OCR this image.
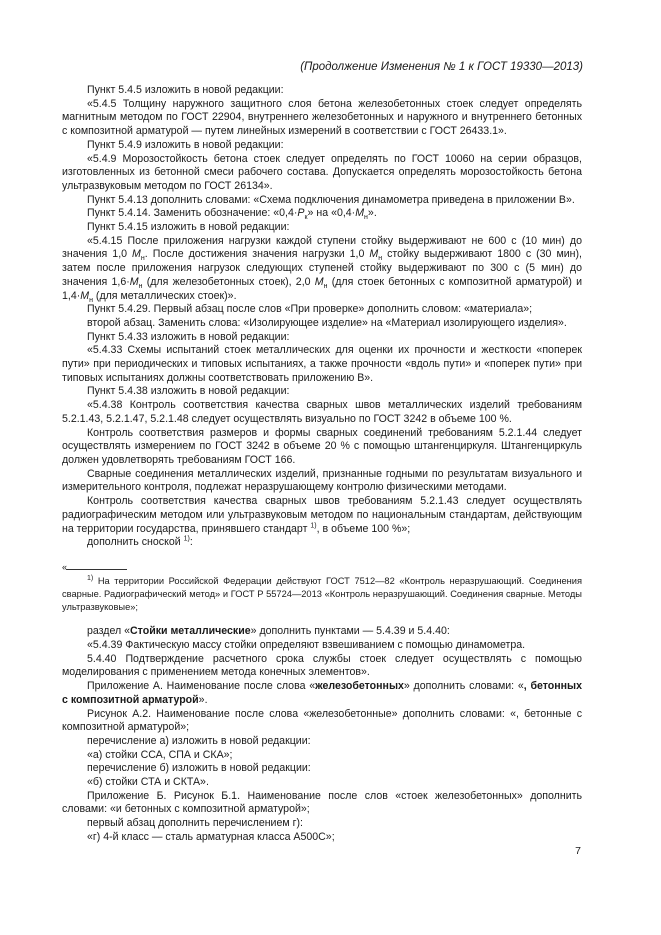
(Продолжение Изменения № 1 к ГОСТ 19330—2013)

Пункт 5.4.5 изложить в новой редакции:

«5.4.5 Толщину наружного защитного слоя бетона железобетонных стоек следует определять магнитным методом по ГОСТ 22904, внутреннего железобетонных и наружного и внутреннего бетонных с композитной арматурой — путем линейных измерений в соответствии с ГОСТ 26433.1».

Пункт 5.4.9 изложить в новой редакции:

«5.4.9 Морозостойкость бетона стоек следует определять по ГОСТ 10060 на серии образцов, изготовленных из бетонной смеси рабочего состава. Допускается определять морозостойкость бетона ультразвуковым методом по ГОСТ 26134».

Пункт 5.4.13 дополнить словами: «Схема подключения динамометра приведена в приложении В».

Пункт 5.4.14. Заменить обозначение: «$0,4\cdot P_к$» на «$0,4\cdot M_н$».

Пункт 5.4.15 изложить в новой редакции:

«5.4.15 После приложения нагрузки каждой ступени стойку выдерживают не 600 с (10 мин) до значения 1,0 $M_н$. После достижения значения нагрузки 1,0 $M_н$ стойку выдерживают 1800 с (30 мин), затем после приложения нагрузок следующих ступеней стойку выдерживают по 300 с (5 мин) до значения $1,6\cdot M_н$ (для железобетонных стоек), 2,0 $M_н$ (для стоек бетонных с композитной арматурой) и $1,4\cdot M_н$ (для металлических стоек)».

Пункт 5.4.29. Первый абзац после слов «При проверке» дополнить словом: «материала»;

второй абзац. Заменить слова: «Изолирующее изделие» на «Материал изолирующего изделия».

Пункт 5.4.33 изложить в новой редакции:

«5.4.33 Схемы испытаний стоек металлических для оценки их прочности и жесткости «поперек пути» при периодических и типовых испытаниях, а также прочности «вдоль пути» и «поперек пути» при типовых испытаниях должны соответствовать приложению В».

Пункт 5.4.38 изложить в новой редакции:

«5.4.38 Контроль соответствия качества сварных швов металлических изделий требованиям 5.2.1.43, 5.2.1.47, 5.2.1.48 следует осуществлять визуально по ГОСТ 3242 в объеме 100 %.

Контроль соответствия размеров и формы сварных соединений требованиям 5.2.1.44 следует осуществлять измерением по ГОСТ 3242 в объеме 20 % с помощью штангенциркуля. Штангенциркуль должен удовлетворять требованиям ГОСТ 166.

Сварные соединения металлических изделий, признанные годными по результатам визуального и измерительного контроля, подлежат неразрушающему контролю физическими методами.

Контроль соответствия качества сварных швов требованиям 5.2.1.43 следует осуществлять радиографическим методом или ультразвуковым методом по национальным стандартам, действующим на территории государства, принявшего стандарт $^{1)}$, в объеме 100 %»;

дополнить сноской $^{1)}$:

«

$^{1)}$ На территории Российской Федерации действуют ГОСТ 7512—82 «Контроль неразрушающий. Соединения сварные. Радиографический метод» и ГОСТ Р 55724—2013 «Контроль неразрушающий. Соединения сварные. Методы ультразвуковые»;

раздел «Стойки металлические» дополнить пунктами — 5.4.39 и 5.4.40:

«5.4.39 Фактическую массу стойки определяют взвешиванием с помощью динамометра.

5.4.40 Подтверждение расчетного срока службы стоек следует осуществлять с помощью моделирования с применением метода конечных элементов».

Приложение А. Наименование после слова «железобетонных» дополнить словами: «, бетонных с композитной арматурой».

Рисунок А.2. Наименование после слова «железобетонные» дополнить словами: «, бетонные с композитной арматурой»;

перечисление а) изложить в новой редакции:

«а) стойки ССА, СПА и СКА»;

перечисление б) изложить в новой редакции:

«б) стойки СТА и СКТА».

Приложение Б. Рисунок Б.1. Наименование после слов «стоек железобетонных» дополнить словами: «и бетонных с композитной арматурой»;

первый абзац дополнить перечислением г):

«г) 4-й класс — сталь арматурная класса А500С»;

7
